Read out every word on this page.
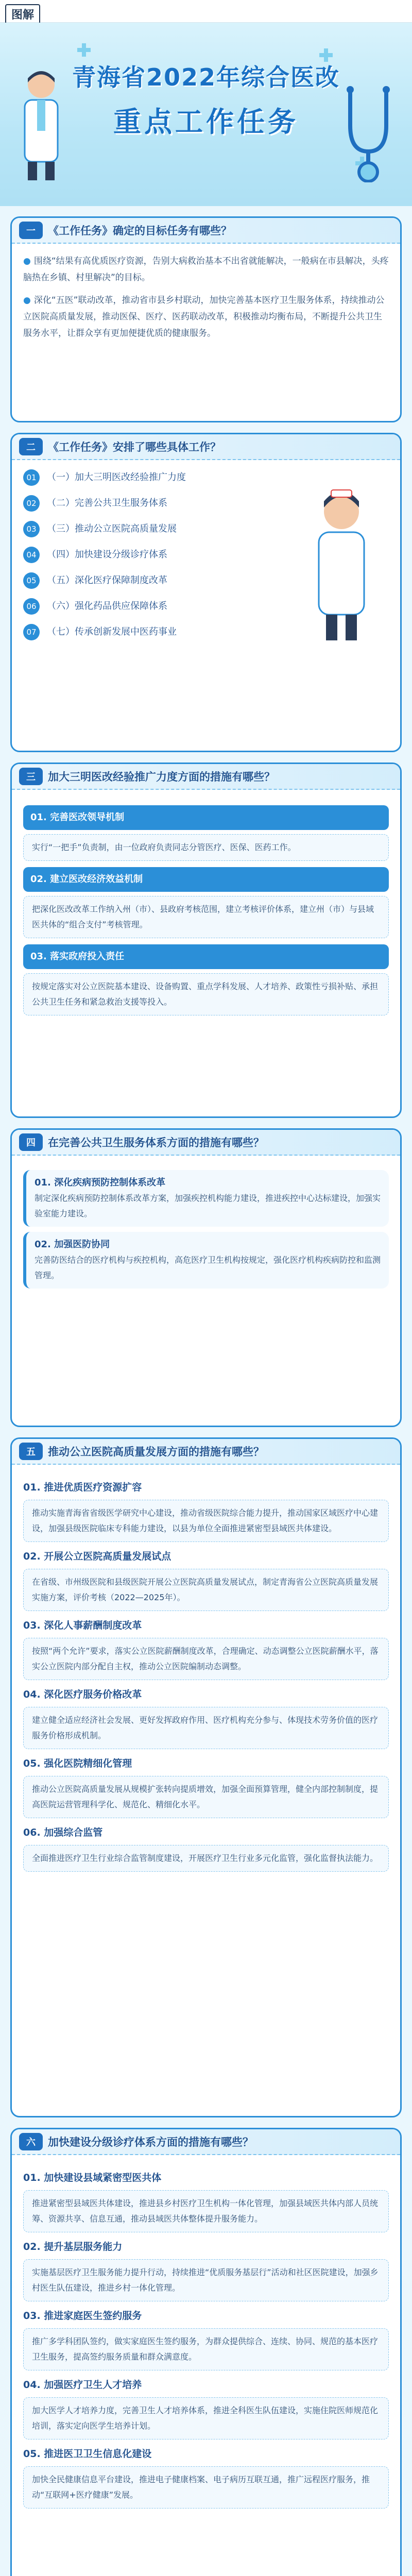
图解
青海省2022年综合医改
重点工作任务
一	《工作任务》确定的目标任务有哪些？
● 围绕“结果有高优质医疗资源，告别大病救治基本不出省就能解决，一般病在市县解决，头疼脑热在乡镇、村里解决”的目标。
● 深化“五医”联动改革，推动省市县乡村联动，加快完善基本医疗卫生服务体系，持续推动公立医院高质量发展，推动医保、医疗、医药联动改革，积极推动均衡布局，不断提升公共卫生服务水平，让群众享有更加便捷优质的健康服务。
二	《工作任务》安排了哪些具体工作？
01	（一）加大三明医改经验推广力度
02	（二）完善公共卫生服务体系
03	（三）推动公立医院高质量发展
04	（四）加快建设分级诊疗体系
05	（五）深化医疗保障制度改革
06	（六）强化药品供应保障体系
07	（七）传承创新发展中医药事业
三	加大三明医改经验推广力度方面的措施有哪些？
01. 完善医改领导机制
实行“一把手”负责制，由一位政府负责同志分管医疗、医保、医药工作。
02. 建立医改经济效益机制
把深化医改改革工作纳入州（市）、县政府考核范围，建立考核评价体系，建立州（市）与县域医共体的“组合支付”考核管理。
03. 落实政府投入责任
按规定落实对公立医院基本建设、设备购置、重点学科发展、人才培养、政策性亏损补贴、承担公共卫生任务和紧急救治支援等投入。
四	在完善公共卫生服务体系方面的措施有哪些？
01. 深化疾病预防控制体系改革
制定深化疾病预防控制体系改革方案，加强疾控机构能力建设，推进疾控中心达标建设，加强实验室能力建设。
02. 加强医防协同
完善防医结合的医疗机构与疾控机构，高危医疗卫生机构按规定，强化医疗机构疾病防控和监测管理。
五	推动公立医院高质量发展方面的措施有哪些？
01. 推进优质医疗资源扩容
推动实施青海省省级医学研究中心建设，推动省级医院综合能力提升，推动国家区域医疗中心建设，加强县级医院临床专科能力建设，以县为单位全面推进紧密型县域医共体建设。
02. 开展公立医院高质量发展试点
在省级、市州级医院和县级医院开展公立医院高质量发展试点，制定青海省公立医院高质量发展实施方案，评价考核（2022—2025年）。
03. 深化人事薪酬制度改革
按照“两个允许”要求，落实公立医院薪酬制度改革，合理确定、动态调整公立医院薪酬水平，落实公立医院内部分配自主权，推动公立医院编制动态调整。
04. 深化医疗服务价格改革
建立健全适应经济社会发展、更好发挥政府作用、医疗机构充分参与、体现技术劳务价值的医疗服务价格形成机制。
05. 强化医院精细化管理
推动公立医院高质量发展从规模扩张转向提质增效，加强全面预算管理，健全内部控制制度，提高医院运营管理科学化、规范化、精细化水平。
06. 加强综合监管
全面推进医疗卫生行业综合监管制度建设，开展医疗卫生行业多元化监管，强化监督执法能力。
六	加快建设分级诊疗体系方面的措施有哪些？
01. 加快建设县域紧密型医共体
推进紧密型县域医共体建设，推进县乡村医疗卫生机构一体化管理，加强县域医共体内部人员统筹、资源共享、信息互通，推动县域医共体整体提升服务能力。
02. 提升基层服务能力
实施基层医疗卫生服务能力提升行动，持续推进“优质服务基层行”活动和社区医院建设，加强乡村医生队伍建设，推进乡村一体化管理。
03. 推进家庭医生签约服务
推广多学科团队签约，做实家庭医生签约服务，为群众提供综合、连续、协同、规范的基本医疗卫生服务，提高签约服务质量和群众满意度。
04. 加强医疗卫生人才培养
加大医学人才培养力度，完善卫生人才培养体系，推进全科医生队伍建设，实施住院医师规范化培训，落实定向医学生培养计划。
05. 推进医卫卫生信息化建设
加快全民健康信息平台建设，推进电子健康档案、电子病历互联互通，推广远程医疗服务，推动“互联网+医疗健康”发展。
